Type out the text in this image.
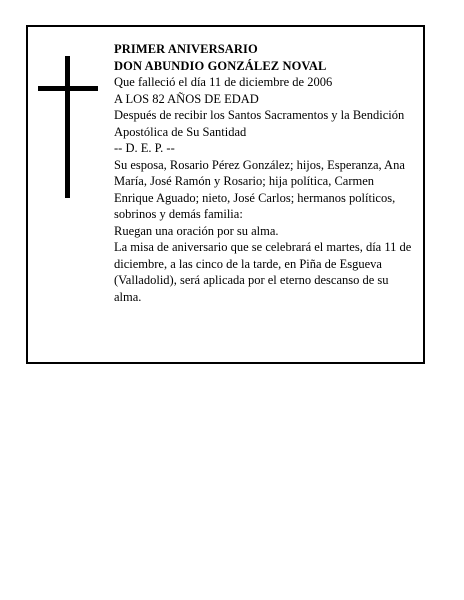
PRIMER ANIVERSARIO

DON ABUNDIO GONZÁLEZ NOVAL

Que falleció el día 11 de diciembre de 2006

A LOS 82 AÑOS DE EDAD

Después de recibir los Santos Sacramentos y la Bendición Apostólica de Su Santidad

-- D. E. P. --

Su esposa, Rosario Pérez González; hijos, Esperanza, Ana María, José Ramón y Rosario; hija política, Carmen Enrique Aguado; nieto, José Carlos; hermanos políticos, sobrinos y demás familia:

Ruegan una oración por su alma.

La misa de aniversario que se celebrará el martes, día 11 de diciembre, a las cinco de la tarde, en Piña de Esgueva (Valladolid), será aplicada por el eterno descanso de su alma.
